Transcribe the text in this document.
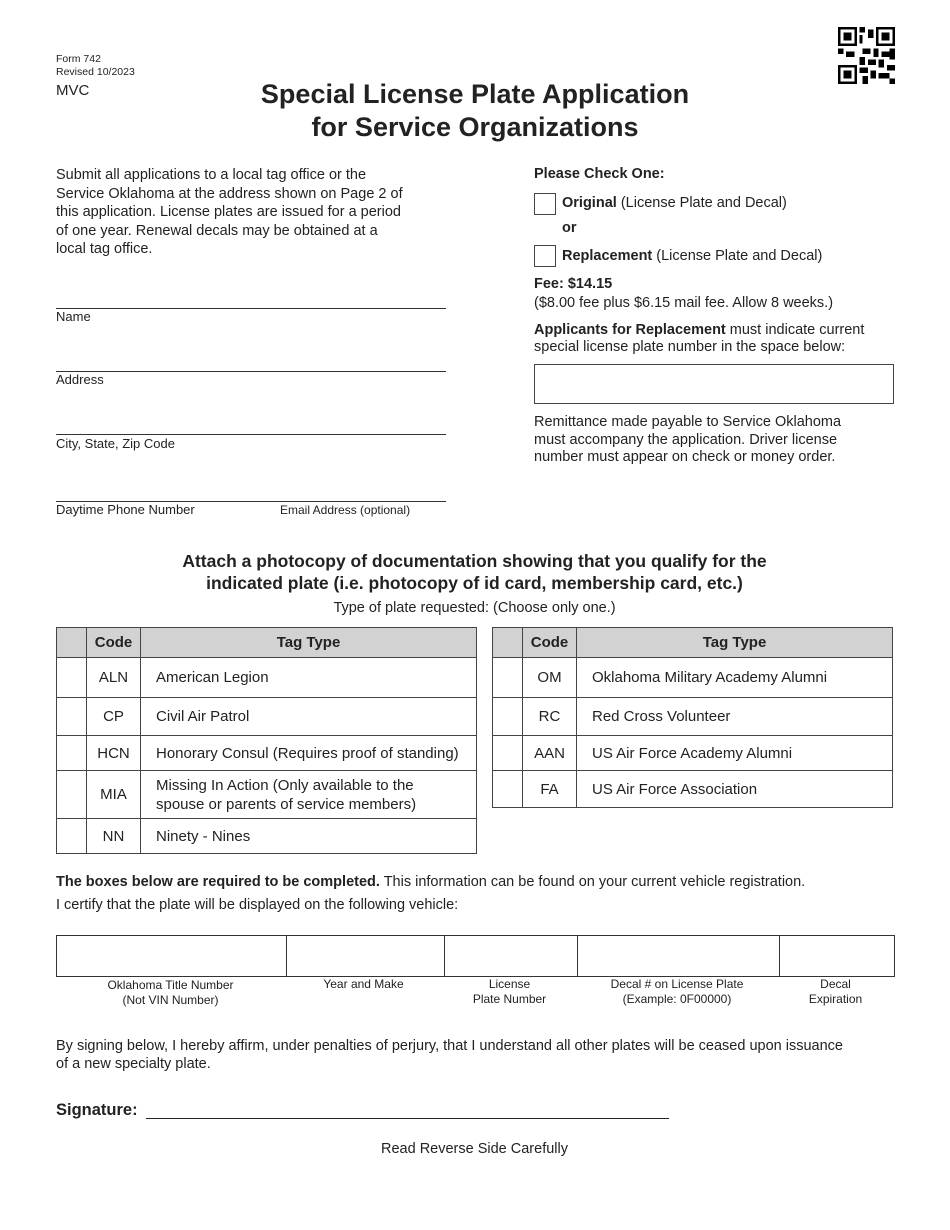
Form 742
Revised 10/2023
MVC	Special License Plate Application
for Service Organizations
Submit all applications to a local tag office or the
Service Oklahoma at the address shown on Page 2 of
this application. License plates are issued for a period
of one year. Renewal decals may be obtained at a
local tag office.
Name
Address
City, State, Zip Code
Daytime Phone Number	Email Address (optional)
Please Check One:
Original (License Plate and Decal)
or
Replacement (License Plate and Decal)
Fee: $14.15
($8.00 fee plus $6.15 mail fee. Allow 8 weeks.)
Applicants for Replacement must indicate current
special license plate number in the space below:
Remittance made payable to Service Oklahoma
must accompany the application. Driver license
number must appear on check or money order.
Attach a photocopy of documentation showing that you qualify for the
indicated plate (i.e. photocopy of id card, membership card, etc.)
Type of plate requested: (Choose only one.)
	Code	Tag Type
	ALN	American Legion
	CP	Civil Air Patrol
	HCN	Honorary Consul (Requires proof of standing)
	MIA	Missing In Action (Only available to the
spouse or parents of service members)

	NN	Ninety - Nines
	Code	Tag Type
	OM	Oklahoma Military Academy Alumni
	RC	Red Cross Volunteer
	AAN	US Air Force Academy Alumni
	FA	US Air Force Association
The boxes below are required to be completed. This information can be found on your current vehicle registration.
I certify that the plate will be displayed on the following vehicle:
Oklahoma Title Number
(Not VIN Number)
Year and Make	License
Plate Number
Decal # on License Plate
(Example: 0F00000)
Decal
Expiration
By signing below, I hereby affirm, under penalties of perjury, that I understand all other plates will be ceased upon issuance
of a new specialty plate.
Signature:
Read Reverse Side Carefully
